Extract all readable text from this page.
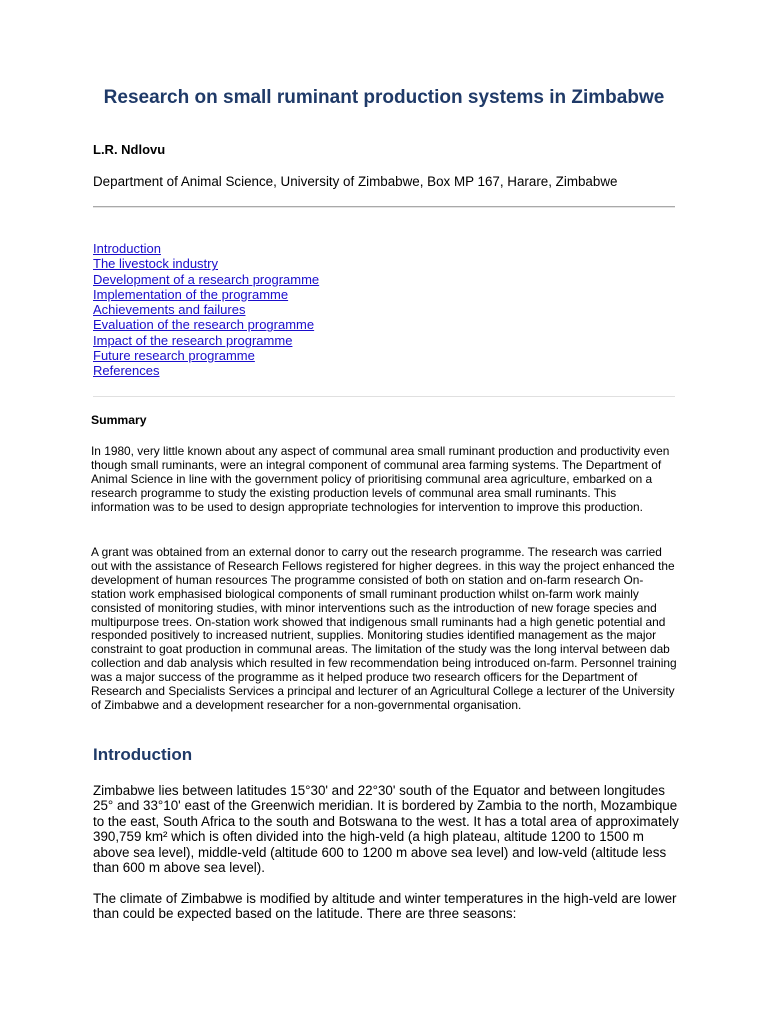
Research on small ruminant production systems in Zimbabwe

L.R. Ndlovu

Department of Animal Science, University of Zimbabwe, Box MP 167, Harare, Zimbabwe

Introduction
The livestock industry
Development of a research programme
Implementation of the programme
Achievements and failures
Evaluation of the research programme
Impact of the research programme
Future research programme
References

Summary

In 1980, very little known about any aspect of communal area small ruminant production and productivity even though small ruminants, were an integral component of communal area farming systems. The Department of Animal Science in line with the government policy of prioritising communal area agriculture, embarked on a research programme to study the existing production levels of communal area small ruminants. This information was to be used to design appropriate technologies for intervention to improve this production.

A grant was obtained from an external donor to carry out the research programme. The research was carried out with the assistance of Research Fellows registered for higher degrees. in this way the project enhanced the development of human resources The programme consisted of both on station and on-farm research On-station work emphasised biological components of small ruminant production whilst on-farm work mainly consisted of monitoring studies, with minor interventions such as the introduction of new forage species and multipurpose trees. On-station work showed that indigenous small ruminants had a high genetic potential and responded positively to increased nutrient, supplies. Monitoring studies identified management as the major constraint to goat production in communal areas. The limitation of the study was the long interval between dab collection and dab analysis which resulted in few recommendation being introduced on-farm. Personnel training was a major success of the programme as it helped produce two research officers for the Department of Research and Specialists Services a principal and lecturer of an Agricultural College a lecturer of the University of Zimbabwe and a development researcher for a non-governmental organisation.

Introduction

Zimbabwe lies between latitudes 15°30' and 22°30' south of the Equator and between longitudes 25° and 33°10' east of the Greenwich meridian. It is bordered by Zambia to the north, Mozambique to the east, South Africa to the south and Botswana to the west. It has a total area of approximately 390,759 km² which is often divided into the high-veld (a high plateau, altitude 1200 to 1500 m above sea level), middle-veld (altitude 600 to 1200 m above sea level) and low-veld (altitude less than 600 m above sea level).

The climate of Zimbabwe is modified by altitude and winter temperatures in the high-veld are lower than could be expected based on the latitude. There are three seasons:
